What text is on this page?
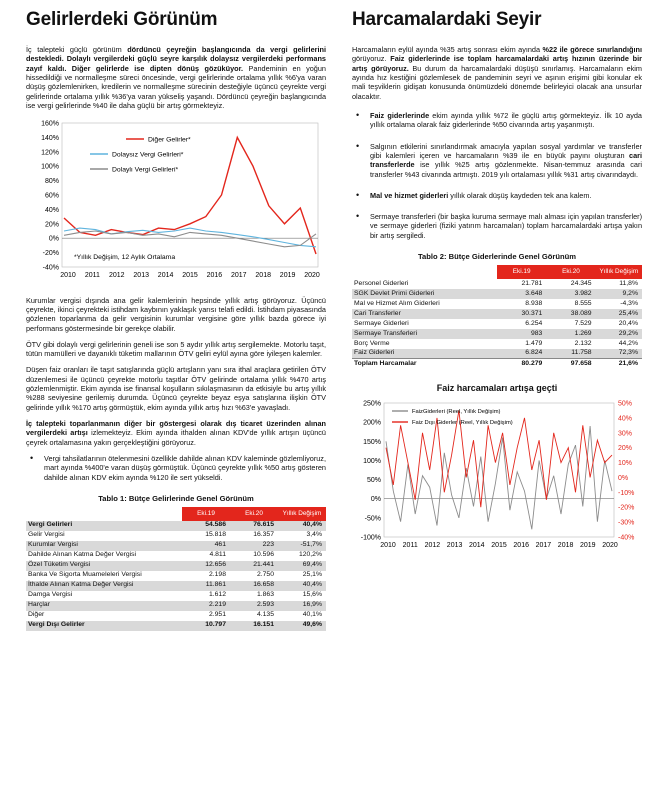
Gelirlerdeki Görünüm

İç talepteki güçlü görünüm dördüncü çeyreğin başlangıcında da vergi gelirlerini destekledi. Dolaylı vergilerdeki güçlü seyre karşılık dolaysız vergilerdeki performans zayıf kaldı. Diğer gelirlerde ise dipten dönüş gözüküyor. Pandeminin en yoğun hissedildiği ve normalleşme süreci öncesinde, vergi gelirlerinde ortalama yıllık %6'ya varan düşüş gözlemlenirken, kredilerin ve normalleşme sürecinin desteğiyle üçüncü çeyrekte vergi gelirlerinde ortalama yıllık %36'ya varan yükseliş yaşandı. Dördüncü çeyreğin başlangıcında ise vergi gelirlerinde %40 ile daha güçlü bir artış görmekteyiz.

160%
140%
120%
100%
80%
60%
40%
20%
0%
-20%
-40%
2010 2011 2012 2013 2014 2015 2016 2017 2018 2019 2020
Diğer Gelirler*
Dolaysız Vergi Gelirleri*
Dolaylı Vergi Gelirleri*
*Yıllık Değişim, 12 Aylık Ortalama

Kurumlar vergisi dışında ana gelir kalemlerinin hepsinde yıllık artış görüyoruz. Üçüncü çeyrekte, ikinci çeyrekteki istihdam kaybının yaklaşık yarısı telafi edildi. İstihdam piyasasında gözlenen toparlanma da gelir vergisinin kurumlar vergisine göre yıllık bazda görece iyi performans göstermesinde bir gerekçe olabilir.

ÖTV gibi dolaylı vergi gelirlerinin geneli ise son 5 aydır yıllık artış sergilemekte. Motorlu taşıt, tütün mamülleri ve dayanıklı tüketim mallarının ÖTV geliri eylül ayına göre iyileşen kalemler.

Düşen faiz oranları ile taşıt satışlarında güçlü artışların yanı sıra ithal araçlara getirilen ÖTV düzenlemesi ile üçüncü çeyrekte motorlu taşıtlar ÖTV gelirinde ortalama yıllık %470 artış gözlemlenmiştir. Ekim ayında ise finansal koşulların sıkılaşmasının da etkisiyle bu artış yıllık %288 seviyesine gerilemiş durumda. Üçüncü çeyrekte beyaz eşya satışlarına ilişkin ÖTV gelirinde yıllık %170 artış görmüştük, ekim ayında yıllık artış hızı %63'e yavaşladı.

İç talepteki toparlanmanın diğer bir göstergesi olarak dış ticaret üzerinden alınan vergilerdeki artışı izlemekteyiz. Ekim ayında ithalden alınan KDV'de yıllık artışın üçüncü çeyrek ortalamasına yakın gerçekleştiğini görüyoruz.

• Vergi tahsilatlarının ötelenmesini özellikle dahilde alınan KDV kaleminde gözlemliyoruz, mart ayında %400'e varan düşüş görmüştük. Üçüncü çeyrekte yıllık %50 artış gösteren dahilde alınan KDV ekim ayında %120 ile sert yükseldi.
Tablo 1: Bütçe Gelirlerinde Genel Görünüm
	Eki.19	Eki.20	Yıllık Değişim
Vergi Gelirleri	54.586	76.615	40,4%
Gelir Vergisi	15.818	16.357	3,4%
Kurumlar Vergisi	461	223	-51,7%
Dahilde Alınan Katma Değer Vergisi	4.811	10.596	120,2%
Özel Tüketim Vergisi	12.656	21.441	69,4%
Banka Ve Sigorta Muameleleri Vergisi	2.198	2.750	25,1%
İthalde Alınan Katma Değer Vergisi	11.861	16.658	40,4%
Damga Vergisi	1.612	1.863	15,6%
Harçlar	2.219	2.593	16,9%
Diğer	2.951	4.135	40,1%
Vergi Dışı Gelirler	10.797	16.151	49,6%
Harcamalardaki Seyir

Harcamaların eylül ayında %35 artış sonrası ekim ayında %22 ile görece sınırlandığını görüyoruz. Faiz giderlerinde ise toplam harcamalardaki artış hızının üzerinde bir artış görüyoruz. Bu durum da harcamalardaki düşüşü sınırlamış. Harcamaların ekim ayında hız kestiğini gözlemlesek de pandeminin seyri ve aşının erişimi gibi konular ek mali teşviklerin gidişatı konusunda önümüzdeki dönemde belirleyici olacak ana unsurlar olacaktır.

• Faiz giderlerinde ekim ayında yıllık %72 ile güçlü artış görmekteyiz. İlk 10 ayda yıllık ortalama olarak faiz giderlerinde %50 civarında artış yaşanmıştı.
• Salgının etkilerini sınırlandırmak amacıyla yapılan sosyal yardımlar ve transferler gibi kalemleri içeren ve harcamaların %39 ile en büyük payını oluşturan cari transferlerde ise yıllık %25 artış gözlenmekte. Nisan-temmuz arasında cari transferler %43 civarında artmıştı. 2019 yılı ortalaması yıllık %31 artış civarındaydı.
• Mal ve hizmet giderleri yıllık olarak düşüş kaydeden tek ana kalem.
• Sermaye transferleri (bir başka kuruma sermaye malı alması için yapılan transferler) ve sermaye giderleri (fiziki yatırım harcamaları) toplam harcamalardaki artışa yakın bir artış sergiledi.
Tablo 2: Bütçe Giderlerinde Genel Görünüm
	Eki.19	Eki.20	Yıllık Değişim
Personel Giderleri	21.781	24.345	11,8%
SGK Devlet Primi Giderleri	3.648	3.982	9,2%
Mal ve Hizmet Alım Giderleri	8.938	8.555	-4,3%
Cari Transferler	30.371	38.089	25,4%
Sermaye Giderleri	6.254	7.529	20,4%
Sermaye Transferleri	983	1.269	29,2%
Borç Verme	1.479	2.132	44,2%
Faiz Giderleri	6.824	11.758	72,3%
Toplam Harcamalar	80.279	97.658	21,6%
Faiz harcamaları artışa geçti
250%
200%
150%
100%
50%
0%
-50%
-100%
50%
40%
30%
20%
10%
0%
-10%
-20%
-30%
-40%
2010 2011 2012 2013 2014 2015 2016 2017 2018 2019 2020
FaizGiderleri (Reel, Yıllık Değişim)
Faiz Dışı Giderler (Reel, Yıllık Değişim)
